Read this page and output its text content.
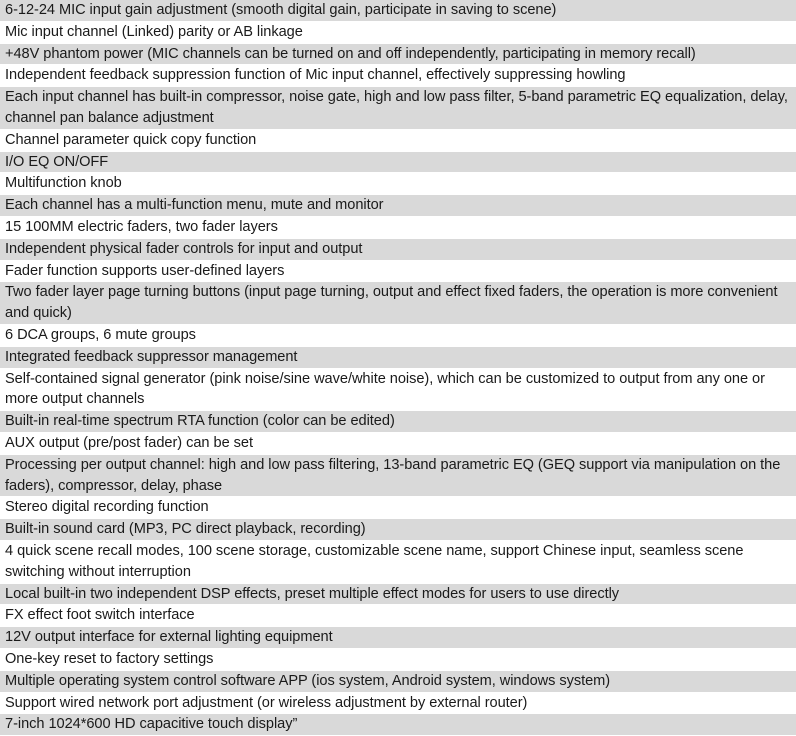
6-12-24 MIC input gain adjustment (smooth digital gain, participate in saving to scene)
Mic input channel (Linked) parity or AB linkage
+48V phantom power (MIC channels can be turned on and off independently, participating in memory recall)
Independent feedback suppression function of Mic input channel, effectively suppressing howling
Each input channel has built-in compressor, noise gate, high and low pass filter, 5-band parametric EQ equalization, delay, channel pan balance adjustment
Channel parameter quick copy function
I/O EQ ON/OFF
Multifunction knob
Each channel has a multi-function menu, mute and monitor
15 100MM electric faders, two fader layers
Independent physical fader controls for input and output
Fader function supports user-defined layers
Two fader layer page turning buttons (input page turning, output and effect fixed faders, the operation is more convenient and quick)
6 DCA groups, 6 mute groups
Integrated feedback suppressor management
Self-contained signal generator (pink noise/sine wave/white noise), which can be customized to output from any one or more output channels
Built-in real-time spectrum RTA function (color can be edited)
AUX output (pre/post fader) can be set
Processing per output channel: high and low pass filtering, 13-band parametric EQ (GEQ support via manipulation on the faders), compressor, delay, phase
Stereo digital recording function
Built-in sound card (MP3, PC direct playback, recording)
4 quick scene recall modes, 100 scene storage, customizable scene name, support Chinese input, seamless scene switching without interruption
Local built-in two independent DSP effects, preset multiple effect modes for users to use directly
FX effect foot switch interface
12V output interface for external lighting equipment
One-key reset to factory settings
Multiple operating system control software APP (ios system, Android system, windows system)
Support wired network port adjustment (or wireless adjustment by external router)
7-inch 1024*600 HD capacitive touch display”
